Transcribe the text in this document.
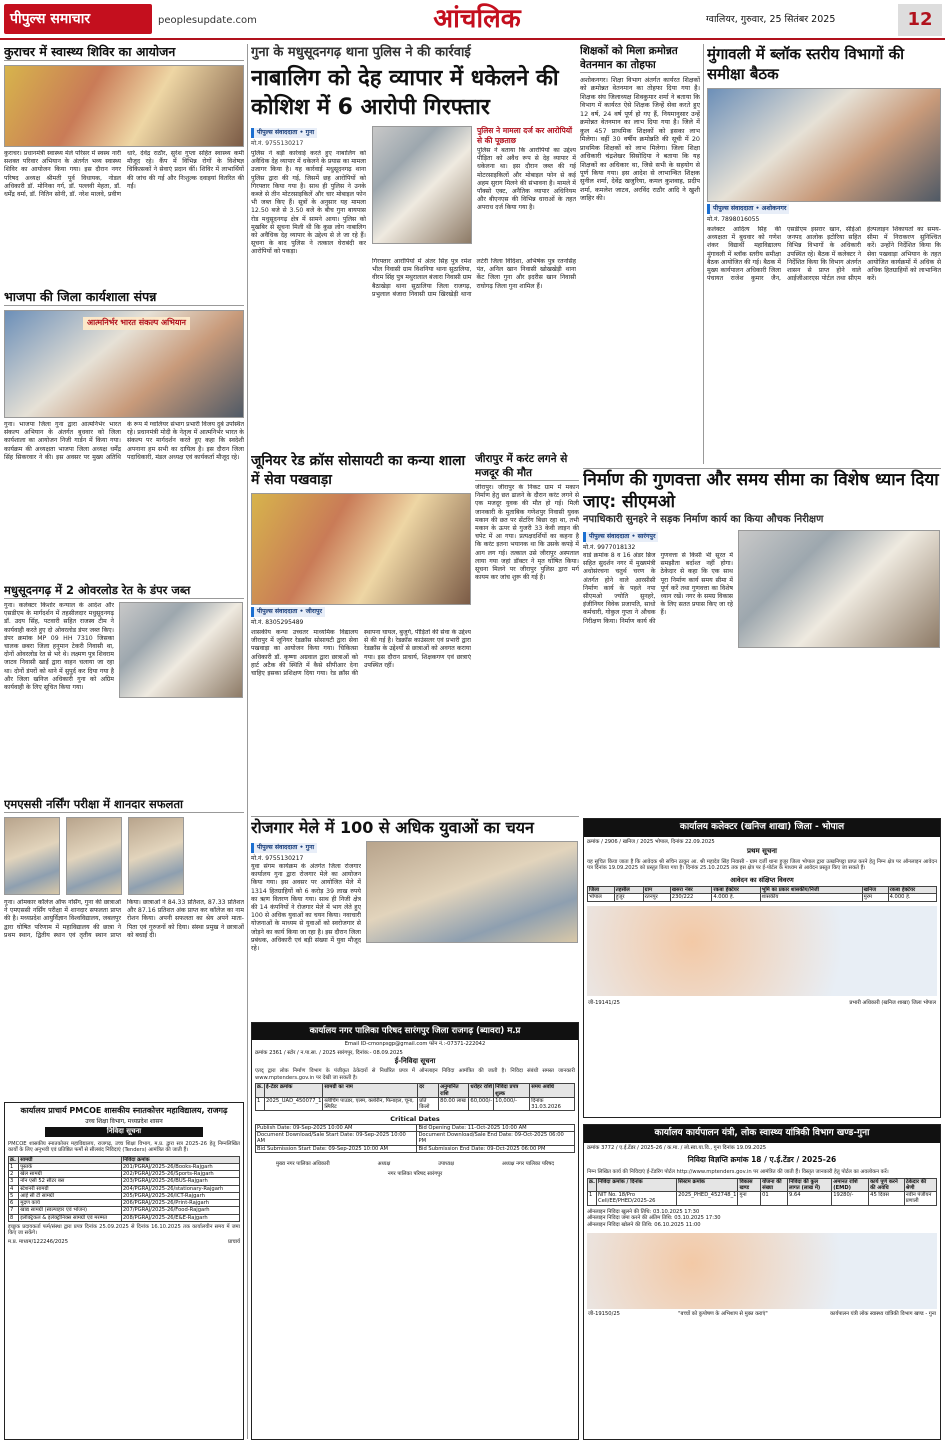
पीपुल्स समाचार	peoplesupdate.com	आंचलिक	ग्वालियर, गुरुवार, 25 सितंबर 2025	12
कुराचर में स्वास्थ्य शिविर का आयोजन
कुराचर। प्रधानमंत्री स्वास्थ्य मेले परिसर में स्वस्थ नारी सशक्त परिवार अभियान के अंतर्गत भव्य स्वास्थ्य शिविर का आयोजन किया गया। इस दौरान नगर परिषद अध्यक्ष श्रीमती पूर्व विधायक, नोडल अधिकारी डॉ. मोनिका गर्ग, डॉ. पल्लवी मेहता, डॉ. धर्मेंद्र वर्मा, डॉ. नितिन सोनी, डॉ. नरेश मालवे, प्रवीण धारे, देवेंद्र राठौर, सुरेश गुप्ता सहित स्वास्थ्य कर्मी मौजूद रहे। कैंप में विभिन्न रोगों के विशेषज्ञ चिकित्सकों ने सेवाएं प्रदान कीं। शिविर में लाभार्थियों की जांच की गई और निःशुल्क दवाइयां वितरित की गईं।
भाजपा की जिला कार्यशाला संपन्न
आत्मनिर्भर भारत संकल्प अभियान
गुना। भाजपा जिला गुना द्वारा आत्मनिर्भर भारत संकल्प अभियान के अंतर्गत बुधवार को जिला कार्यशाला का आयोजन निजी गार्डन में किया गया। कार्यक्रम की अध्यक्षता भाजपा जिला अध्यक्ष धर्मेंद्र सिंह सिकरवार ने की। इस अवसर पर मुख्य अतिथि के रूप में ग्वालियर संभाग प्रभारी विजय दुबे उपस्थित रहे। प्रधानमंत्री मोदी के नेतृत्व में आत्मनिर्भर भारत के संकल्प पर मार्गदर्शन करते हुए कहा कि स्वदेशी अपनाना हम सभी का दायित्व है। इस दौरान जिला पदाधिकारी, मंडल अध्यक्ष एवं कार्यकर्ता मौजूद रहे।
मधुसूदनगढ़ में 2 ओवरलोड रेत के डंपर जब्त
गुना। कलेक्टर किशोर कन्याल के आदेश और एसडीएम के मार्गदर्शन में तहसीलदार मधुसूदनगढ़ डॉ. उदय सिंह, पटवारी सहित राजस्व टीम ने कार्यवाही करते हुए दो ओवरलोड डंपर जब्त किए। डंपर क्रमांक MP 09 HH 7310 जिसका चालक छबरा जिला हनुमान टेकरी निवासी था, दोनों ओवरलोड रेत से भरे थे। लक्ष्मण पुत्र शिवराम जाटव निवासी खाईं द्वारा वाहन चलाया जा रहा था। दोनों डंपरों को थाने में सुपुर्द कर दिया गया है और जिला खनिज अधिकारी गुना को अग्रिम कार्यवाही के लिए सूचित किया गया।
एमएससी नर्सिंग परीक्षा में शानदार सफलता
गुना। ओमकार कॉलेज ऑफ नर्सिंग, गुना की छात्राओं ने एमएससी नर्सिंग परीक्षा में शानदार सफलता प्राप्त की है। मध्यप्रदेश आयुर्विज्ञान विश्वविद्यालय, जबलपुर द्वारा घोषित परिणाम में महाविद्यालय की छात्रा ने प्रथम स्थान, द्वितीय स्थान एवं तृतीय स्थान प्राप्त किया। छात्राओं ने 84.33 प्रतिशत, 87.33 प्रतिशत और 87.16 प्रतिशत अंक प्राप्त कर कॉलेज का नाम रोशन किया। अपनी सफलता का श्रेय अपने माता-पिता एवं गुरुजनों को दिया। संस्था प्रमुख ने छात्राओं को बधाई दी।
कार्यालय प्राचार्य PMCOE शासकीय स्नातकोत्तर महाविद्यालय, राजगढ़
उच्च शिक्षा विभाग, मध्यप्रदेश शासन
निविदा सूचना
PMCOE शासकीय स्नातकोत्तर महाविद्यालय, राजगढ़, उच्च शिक्षा विभाग, म.प्र. द्वारा सत्र 2025-26 हेतु निम्नलिखित कार्यों के लिए अनुभवी एवं प्रतिष्ठित फर्मों से सीलबंद निविदाएं (Tenders) आमंत्रित की जाती हैं।
क्र.	सामग्री	निविदा क्रमांक
1	पुस्तकें	201/PGRAJ/2025-26/Books-Rajgarh
2	खेल सामग्री	202/PGRAJ/2025-26/Sports-Rajgarh
3	नॉन एसी 52 सीटर बस	203/PGRAJ/2025-26/BUS-Rajgarh
4	स्टेशनरी सामग्री	204/PGRAJ/2025-26/stationary-Rajgarh
5	आई सी टी सामग्री	205/PGRAJ/2025-26/ICT-Rajgarh
6	मुद्रण कार्य	206/PGRAJ/2025-26/Print-Rajgarh
7	खाद्य सामग्री (स्वल्पाहार एवं भोजन)	207/PGRAJ/2025-26/Food-Rajgarh
8	इलेक्ट्रिकल & इलेक्ट्रॉनिक्स सामग्री एवं मरम्मत	208/PGRAJ/2025-26/E&E-Rajgarh
इच्छुक प्रदायकर्ता फर्म/संस्था द्वारा प्रपत्र दिनांक 25.09.2025 से दिनांक 16.10.2025 तक कार्यालयीन समय में जमा किए जा सकेंगे।
म.प्र. माध्यम/122246/2025	प्राचार्य
गुना के मधुसूदनगढ़ थाना पुलिस ने की कार्रवाई
नाबालिग को देह व्यापार में धकेलने की कोशिश में 6 आरोपी गिरफ्तार
पीपुल्स संवाददाता • गुना
मो.नं. 9755130217
पुलिस ने बड़ी कार्रवाई करते हुए नाबालिग को अवैधिक देह व्यापार में धकेलने के प्रयास का मामला उजागर किया है। यह कार्रवाई मधुसूदनगढ़ थाना पुलिस द्वारा की गई, जिसमें छह आरोपियों को गिरफ्तार किया गया है। साथ ही पुलिस ने उनके कब्जे से तीन मोटरसाइकिलें और चार मोबाइल फोन भी जब्त किए हैं। सूत्रों के अनुसार यह मामला 12.50 बजे से 3.50 बजे के बीच गुना बायपास रोड मधुसूदनगढ़ क्षेत्र में सामने आया। पुलिस को मुखबिर से सूचना मिली थी कि कुछ लोग नाबालिग को अवैधिक देह व्यापार के उद्देश्य से ले जा रहे हैं। सूचना के बाद पुलिस ने तत्काल घेराबंदी कर आरोपियों को पकड़ा।
पुलिस ने मामला दर्ज कर आरोपियों से की पूछताछ
पुलिस ने बताया कि आरोपियों का उद्देश्य पीड़िता को अवैध रूप से देह व्यापार में धकेलना था। इस दौरान जब्त की गई मोटरसाइकिलों और मोबाइल फोन से कई अहम सुराग मिलने की संभावना है। मामले में पॉक्सो एक्ट, अनैतिक व्यापार अधिनियम और बीएनएस की विभिन्न धाराओं के तहत अपराध दर्ज किया गया है।
गिरफ्तार आरोपियों में अंतर सिंह पुत्र रमेश भील निवासी ग्राम विशनिया थाना सुठालिया, वीरम सिंह पुत्र मथुरालाल बंजारा निवासी ग्राम बैठाखेड़ा थाना सुठालिया जिला राजगढ़, प्रभुलाल बंजारा निवासी ग्राम खिरखेड़ी थाना लटेरी जिला विदिशा, अभिषेक पुत्र रतनसिंह पंत, अनिल खान निवासी खोखखेड़ी थाना केंट जिला गुना और इदरीस खान निवासी राघोगढ़ जिला गुना शामिल हैं।
शिक्षकों को मिला क्रमोन्नत वेतनमान का तोहफा
अशोकनगर। शिक्षा विभाग अंतर्गत कार्यरत शिक्षकों को क्रमोन्नत वेतनमान का तोहफा दिया गया है। शिक्षक संघ जिलाध्यक्ष शिवकुमार शर्मा ने बताया कि विभाग में कार्यरत ऐसे शिक्षक जिन्हें सेवा करते हुए 12 वर्ष, 24 वर्ष पूर्ण हो गए हैं, नियमानुसार उन्हें क्रमोन्नत वेतनमान का लाभ दिया गया है। जिले में कुल 457 प्राथमिक शिक्षकों को इसका लाभ मिलेगा। वहीं 30 वर्षीय क्रमोन्नति की सूची में 20 प्राथमिक शिक्षकों को लाभ मिलेगा। जिला शिक्षा अधिकारी चंद्रशेखर सिसोदिया ने बताया कि यह शिक्षकों का अधिकार था, जिसे सभी के सहयोग से पूर्ण किया गया। इस आदेश से लाभान्वित शिक्षक सुनील शर्मा, देवेंद्र खजुरिया, कमल कुशवाह, प्रदीप शर्मा, कमलेश जाटव, अरविंद राठौर आदि ने खुशी जाहिर की।
मुंगावली में ब्लॉक स्तरीय विभागों की समीक्षा बैठक
पीपुल्स संवाददाता • अशोकनगर
मो.नं. 7898016055
कलेक्टर आदित्य सिंह की अध्यक्षता में बुधवार को गणेश शंकर विद्यार्थी महाविद्यालय मुंगावली में ब्लॉक स्तरीय समीक्षा बैठक आयोजित की गई। बैठक में मुख्य कार्यपालन अधिकारी जिला पंचायत राजेश कुमार जैन, एसडीएम इसरार खान, सीईओ जनपद आलोक इटोरिया सहित विभिन्न विभागों के अधिकारी उपस्थित रहे। बैठक में कलेक्टर ने निर्देशित किया कि विभाग अंतर्गत शासन से प्राप्त होने वाले आईजीआरएस पोर्टल तथा सीएम हेल्पलाइन शिकायतों का समय-सीमा में निराकरण सुनिश्चित करें। उन्होंने निर्देशित किया कि सेवा पखवाड़ा अभियान के तहत आयोजित कार्यक्रमों में अधिक से अधिक हितग्राहियों को लाभान्वित करें।
जूनियर रेड क्रॉस सोसायटी का कन्या शाला में सेवा पखवाड़ा
पीपुल्स संवाददाता • जीरापुर
मो.नं. 8305295489
शासकीय कन्या उच्चतर माध्यमिक विद्यालय जीरापुर में जूनियर रेडक्रॉस सोसायटी द्वारा सेवा पखवाड़ा का आयोजन किया गया। चिकित्सा अधिकारी डॉ. कृष्णा अग्रवाल द्वारा छात्राओं को हार्ट अटैक की स्थिति में कैसे सीपीआर देना चाहिए इसका प्रशिक्षण दिया गया। रेड क्रॉस की स्थापना घायल, बुजुर्ग, पीड़ितों की सेवा के उद्देश्य से की गई है। रेडक्रॉस काउंसलर एवं प्रभारी द्वारा रेडक्रॉस के उद्देश्यों से छात्राओं को अवगत कराया गया। इस दौरान प्राचार्य, शिक्षकगण एवं छात्राएं उपस्थित रहीं।
जीरापुर में करंट लगने से मजदूर की मौत
जीरापुर। जीरापुर के निकट ग्राम में मकान निर्माण हेतु छत ढालने के दौरान करंट लगने से एक मजदूर युवक की मौत हो गई। मिली जानकारी के मुताबिक गणेशपुर निवासी युवक मकान की छत पर सेंटरिंग बिछा रहा था, तभी मकान के ऊपर से गुजरी 33 केवी लाइन की चपेट में आ गया। प्रत्यक्षदर्शियों का कहना है कि करंट इतना भयानक था कि उसके कपड़े में आग लग गई। तत्काल उसे जीरापुर अस्पताल लाया गया जहां डॉक्टर ने मृत घोषित किया। सूचना मिलने पर जीरापुर पुलिस द्वारा मर्ग कायम कर जांच शुरू की गई है।
रोजगार मेले में 100 से अधिक युवाओं का चयन
पीपुल्स संवाददाता • गुना
मो.नं. 9755130217
युवा संगम कार्यक्रम के अंतर्गत जिला रोजगार कार्यालय गुना द्वारा रोजगार मेले का आयोजन किया गया। इस अवसर पर आयोजित मेले में 1314 हितग्राहियों को 6 करोड़ 39 लाख रुपये का ऋण वितरण किया गया। साथ ही निजी क्षेत्र की 14 कंपनियों ने रोजगार मेले में भाग लेते हुए 100 से अधिक युवाओं का चयन किया। नवाचारी योजनाओं के माध्यम से युवाओं को स्वरोजगार से जोड़ने का कार्य किया जा रहा है। इस दौरान जिला प्रबंधक, अधिकारी एवं बड़ी संख्या में युवा मौजूद रहे।
निर्माण की गुणवत्ता और समय सीमा का विशेष ध्यान दिया जाए: सीएमओ
नपाधिकारी सुनहरे ने सड़क निर्माण कार्य का किया औचक निरीक्षण
पीपुल्स संवाददाता • सारंगपुर
मो.नं. 9977018132
वार्ड क्रमांक 8 व 16 अंडर ब्रिज सहित सुदर्शन नगर में मुख्यमंत्री अधोसंरचना चतुर्थ चरण के अंतर्गत होने वाले आरसीसी निर्माण कार्य के पहले नपा सीएमओ ज्योति सुनहरे, इंजीनियर विवेक प्रजापति, साधो कर्मचारी, गोकुल गुप्ता ने औचक निरीक्षण किया। निर्माण कार्य की गुणवत्ता से किसी भी सूरत में समझौता बर्दाश्त नहीं होगा। ठेकेदार से कहा कि एक साथ पूरा निर्माण कार्य समय सीमा में पूर्ण करें तथा गुणवत्ता का विशेष ध्यान रखें। नगर के समग्र विकास के लिए सतत प्रयास किए जा रहे हैं।
कार्यालय कलेक्टर (खनिज शाखा) जिला - भोपाल
क्रमांक / 2906 / खनिज / 2025 भोपाल, दिनांक 22.09.2025
प्रथम सूचना
यह सूचित किया जाता है कि आवेदक श्री सचिन ठाकुर आ. श्री महादेव सिंह निवासी - ग्राम दर्जी थाना हुजूर जिला भोपाल द्वारा उत्खनिपट्टा प्राप्त करने हेतु निम्न क्षेत्र पर ऑनलाइन आवेदन पत्र दिनांक 19.09.2025 को प्रस्तुत किया गया है। दिनांक 25.10.2025 तक इस क्षेत्र पर ई-पोर्टल के माध्यम से आवेदन प्रस्तुत किए जा सकते हैं।
आवेदन का संक्षिप्त विवरण
जिला	तहसील	ग्राम	खसरा नंबर	रकबा हेक्टेयर	भूमि का प्रकार शासकीय/निजी	खनिज	रकबा हेक्टेयर
भोपाल	हुजूर	रतनपुर	230/222	4.000 हे.	शासकीय	मुरम	4.000 हे.
जी-19141/25	प्रभारी अधिकारी (खनिज शाखा) जिला भोपाल
कार्यालय कार्यपालन यंत्री, लोक स्वास्थ्य यांत्रिकी विभाग खण्ड-गुना
क्रमांक 3772 / ए.ई.टेंडर / 2025-26 / क.मा. / लो.स्वा.या.वि., गुना दिनांक 19.09.2025
निविदा विज्ञप्ति क्रमांक 18 / ए.ई.टेंडर / 2025-26
निम्न लिखित कार्य की निविदाएं ई-टेंडरिंग पोर्टल http://www.mptenders.gov.in पर आमंत्रित की जाती हैं। विस्तृत जानकारी हेतु पोर्टल का अवलोकन करें।
क्र.	निविदा क्रमांक / दिनांक	सिस्टम क्रमांक	विकास खण्ड	योजना की संख्या	निविदा की कुल लागत (लाख में)	अमानत राशि (EMD)	कार्य पूर्ण करने की अवधि	ठेकेदार की श्रेणी
1	NIT No. 18/Pro Cell/EE/PHED/2025-26	2025_PHED_452748_1	गुना	01	9.64	19280/-	45 दिवस	नवीन पंजीयन प्रणाली
ऑनलाइन निविदा खुलने की तिथि: 03.10.2025 17:30
ऑनलाइन निविदा जमा करने की अंतिम तिथि: 03.10.2025 17:30
ऑनलाइन निविदा खोलने की तिथि: 06.10.2025 11:00
जी-19150/25	"बच्चों को कुपोषण के अभिशाप से मुक्त कराएं"	कार्यपालन यंत्री लोक स्वास्थ्य यांत्रिकी विभाग खण्ड - गुना
कार्यालय नगर पालिका परिषद सारंगपुर जिला राजगढ़ (ब्यावरा) म.प्र
Email ID-cmonpsgp@gmail.com फोन नं.:-07371-222042
क्रमांक 2361 / स्टोर / न.पा.सा. / 2025 सारंगपुर, दिनांक:- 08.09.2025
ई-निविदा सूचना
एतद् द्वारा लोक निर्माण विभाग के पंजीकृत ठेकेदारों से निर्धारित प्रपत्र में ऑनलाइन निविदा आमंत्रित की जाती है। निविदा संबंधी समस्त जानकारी www.mptenders.gov.in पर देखी जा सकती है।
क्र.	ई-टेंडर क्रमांक	सामग्री का नाम	दर	अनुमानित राशि	धरोहर राशि	निविदा प्रपत्र शुल्क	समय अवधि
1	2025_UAD_450077_1	ब्लीचिंग पाउडर, एलम, क्लोरीन, फिनाइल, चूना, स्पिरिट	प्रति किलो	80.00 लाख	60,000/-	10,000/-	दिनांक 31.03.2026
Critical Dates
Publish Date: 09-Sep-2025 10:00 AM	Bid Opening Date: 11-Oct-2025 10:00 AM
Document Download/Sale Start Date: 09-Sep-2025 10:00 AM	Document Download/Sale End Date: 09-Oct-2025 06:00 PM
Bid Submission Start Date: 09-Sep-2025 10:00 AM	Bid Submission End Date: 09-Oct-2025 06:00 PM
मुख्य नगर पालिका अधिकारी	अध्यक्ष	उपाध्यक्ष	अध्यक्ष नगर पालिका परिषद
नगर पालिका परिषद सारंगपुर
